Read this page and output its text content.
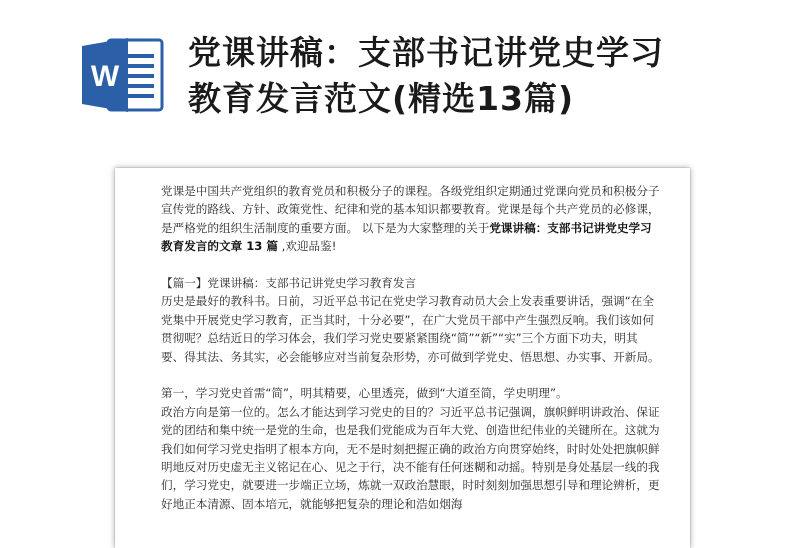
W
党课讲稿：支部书记讲党史学习
教育发言范文(精选13篇)

党课是中国共产党组织的教育党员和积极分子的课程。各级党组织定期通过党课向党员和积极分子宣传党的路线、方针、政策党性、纪律和党的基本知识都要教育。党课是每个共产党员的必修课，是严格党的组织生活制度的重要方面。 以下是为大家整理的关于党课讲稿：支部书记讲党史学习教育发言的文章 13 篇 ,欢迎品鉴!

【篇一】党课讲稿：支部书记讲党史学习教育发言

历史是最好的教科书。日前，习近平总书记在党史学习教育动员大会上发表重要讲话，强调“在全党集中开展党史学习教育，正当其时，十分必要”，在广大党员干部中产生强烈反响。我们该如何贯彻呢？总结近日的学习体会，我们学习党史要紧紧围绕“简”“新”“实”三个方面下功夫，明其要、得其法、务其实，必会能够应对当前复杂形势，亦可做到学党史、悟思想、办实事、开新局。

第一，学习党史首需“简”，明其精要，心里透亮，做到“大道至简，学史明理”。

政治方向是第一位的。怎么才能达到学习党史的目的？习近平总书记强调，旗帜鲜明讲政治、保证党的团结和集中统一是党的生命，也是我们党能成为百年大党、创造世纪伟业的关键所在。这就为我们如何学习党史指明了根本方向，无不是时刻把握正确的政治方向贯穿始终，时时处处把旗帜鲜明地反对历史虚无主义铭记在心、见之于行，决不能有任何迷糊和动摇。特别是身处基层一线的我们，学习党史，就要进一步端正立场，炼就一双政治慧眼，时时刻刻加强思想引导和理论辨析，更好地正本清源、固本培元，就能够把复杂的理论和浩如烟海
